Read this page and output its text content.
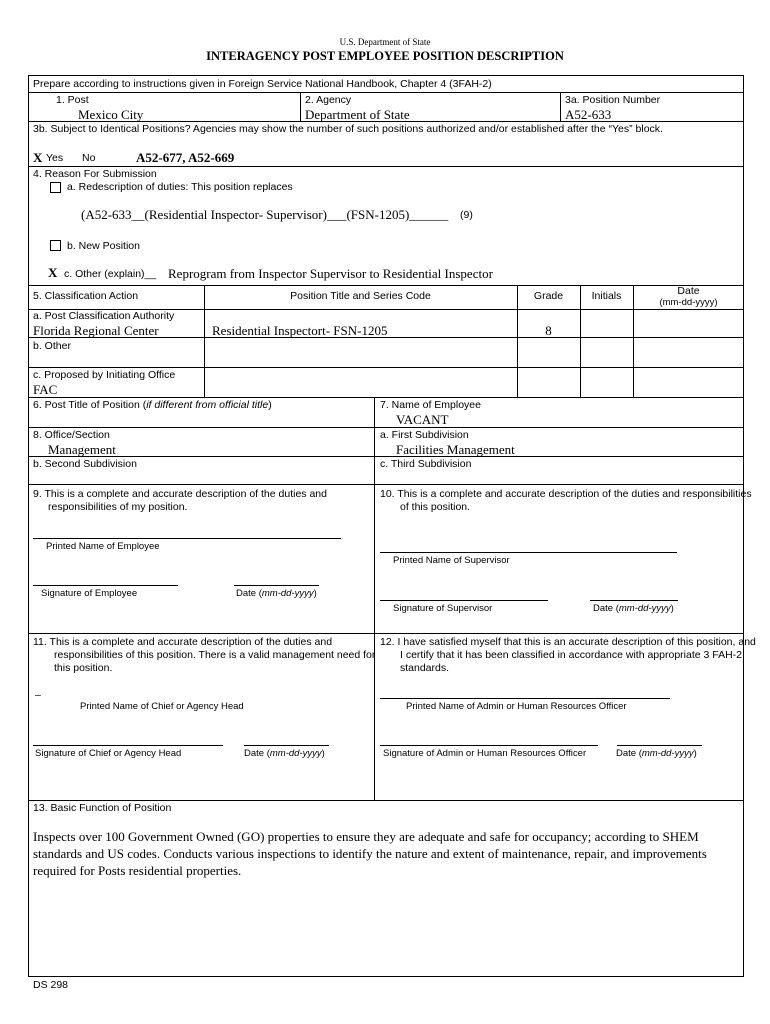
U.S. Department of State
INTERAGENCY POST EMPLOYEE POSITION DESCRIPTION
Prepare according to instructions given in Foreign Service National Handbook, Chapter 4 (3FAH-2)
1. Post
Mexico City
2. Agency
Department of State
3a. Position Number
A52-633
3b. Subject to Identical Positions? Agencies may show the number of such positions authorized and/or established after the “Yes” block.
X Yes No	A52-677, A52-669
4. Reason For Submission
a. Redescription of duties: This position replaces
(A52-633__(Residential Inspector- Supervisor)___(FSN-1205)______ (9)
b. New Position
X c. Other (explain)__ Reprogram from Inspector Supervisor to Residential Inspector
5. Classification Action	Position Title and Series Code	Grade	Initials	Date
(mm-dd-yyyy)
a. Post Classification Authority
Florida Regional Center	Residential Inspectort- FSN-1205	8
b. Other
c. Proposed by Initiating Office
FAC
6. Post Title of Position (if different from official title)	7. Name of Employee
VACANT
8. Office/Section
Management
a. First Subdivision
Facilities Management
b. Second Subdivision	c. Third Subdivision
9. This is a complete and accurate description of the duties and responsibilities of my position.
Printed Name of Employee
Signature of Employee	Date (mm-dd-yyyy)
10. This is a complete and accurate description of the duties and responsibilities of this position.
Printed Name of Supervisor
Signature of Supervisor	Date (mm-dd-yyyy)
11. This is a complete and accurate description of the duties and responsibilities of this position. There is a valid management need for this position.
–
Printed Name of Chief or Agency Head
Signature of Chief or Agency Head	Date (mm-dd-yyyy)
12. I have satisfied myself that this is an accurate description of this position, and I certify that it has been classified in accordance with appropriate 3 FAH-2 standards.
Printed Name of Admin or Human Resources Officer
Signature of Admin or Human Resources Officer	Date (mm-dd-yyyy)
13. Basic Function of Position
Inspects over 100 Government Owned (GO) properties to ensure they are adequate and safe for occupancy; according to SHEM standards and US codes. Conducts various inspections to identify the nature and extent of maintenance, repair, and improvements required for Posts residential properties.
DS 298
